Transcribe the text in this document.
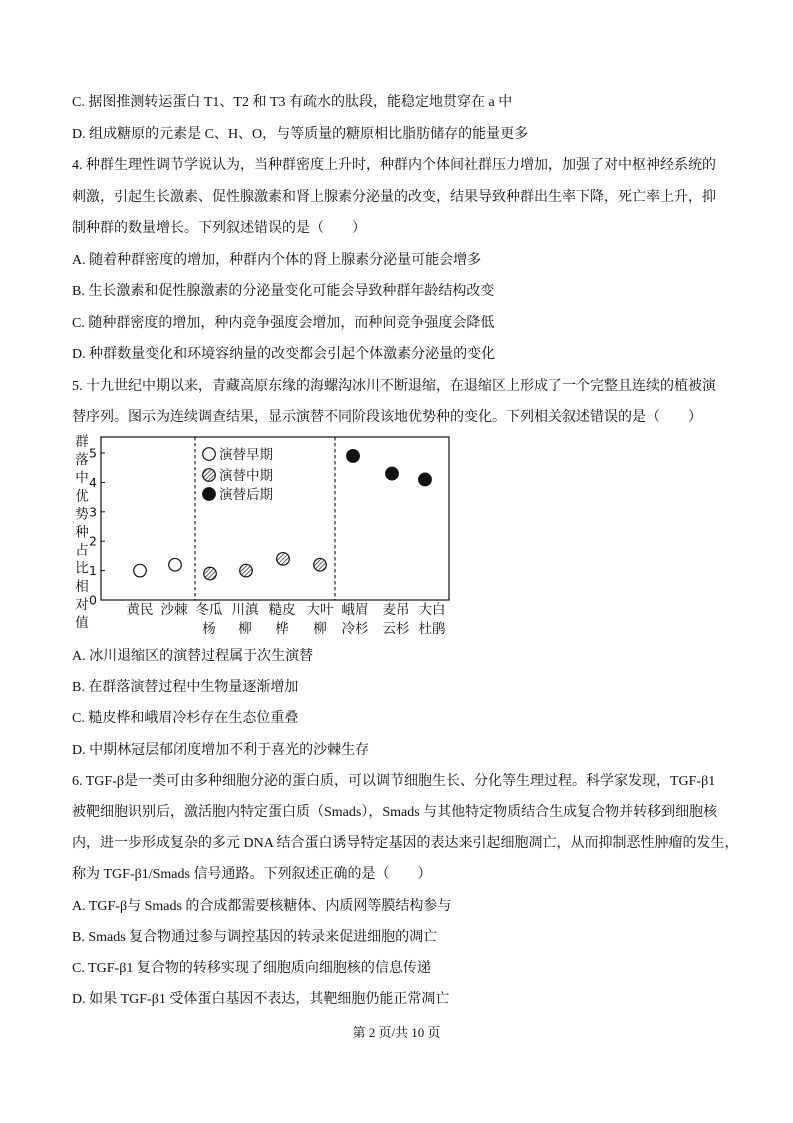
C. 据图推测转运蛋白 T1、T2 和 T3 有疏水的肽段，能稳定地贯穿在 a 中
D. 组成糖原的元素是 C、H、O，与等质量的糖原相比脂肪储存的能量更多
4. 种群生理性调节学说认为，当种群密度上升时，种群内个体间社群压力增加，加强了对中枢神经系统的
刺激，引起生长激素、促性腺激素和肾上腺素分泌量的改变，结果导致种群出生率下降，死亡率上升，抑
制种群的数量增长。下列叙述错误的是（　　）
A. 随着种群密度的增加，种群内个体的肾上腺素分泌量可能会增多
B. 生长激素和促性腺激素的分泌量变化可能会导致种群年龄结构改变
C. 随种群密度的增加，种内竞争强度会增加，而种间竞争强度会降低
D. 种群数量变化和环境容纳量的改变都会引起个体激素分泌量的变化
5. 十九世纪中期以来，青藏高原东缘的海螺沟冰川不断退缩，在退缩区上形成了一个完整且连续的植被演
替序列。图示为连续调查结果，显示演替不同阶段该地优势种的变化。下列相关叙述错误的是（　　）
0
1
2
3
4
5
群落中优势种占比相对值
黄民 沙棘 冬瓜杨
川滇柳
糙皮桦
大叶柳
峨眉冷杉
麦吊云杉
大白杜鹃
演替早期
演替中期
演替后期
A. 冰川退缩区的演替过程属于次生演替
B. 在群落演替过程中生物量逐渐增加
C. 糙皮桦和峨眉冷杉存在生态位重叠
D. 中期林冠层郁闭度增加不利于喜光的沙棘生存
6. TGF-β是一类可由多种细胞分泌的蛋白质，可以调节细胞生长、分化等生理过程。科学家发现，TGF-β1
被靶细胞识别后，激活胞内特定蛋白质（Smads），Smads 与其他特定物质结合生成复合物并转移到细胞核
内，进一步形成复杂的多元 DNA 结合蛋白诱导特定基因的表达来引起细胞凋亡，从而抑制恶性肿瘤的发生，
称为 TGF-β1/Smads 信号通路。下列叙述正确的是（　　）
A. TGF-β与 Smads 的合成都需要核糖体、内质网等膜结构参与
B. Smads 复合物通过参与调控基因的转录来促进细胞的凋亡
C. TGF-β1 复合物的转移实现了细胞质向细胞核的信息传递
D. 如果 TGF-β1 受体蛋白基因不表达，其靶细胞仍能正常凋亡
第 2 页/共 10 页
